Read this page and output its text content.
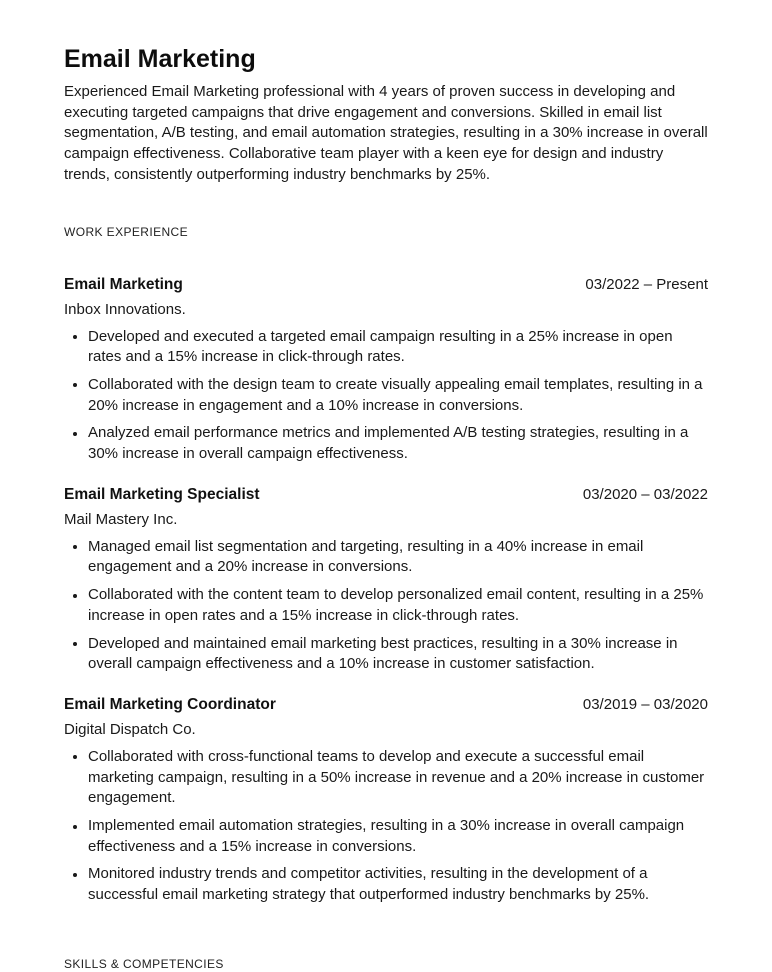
Email Marketing

Experienced Email Marketing professional with 4 years of proven success in developing and executing targeted campaigns that drive engagement and conversions. Skilled in email list segmentation, A/B testing, and email automation strategies, resulting in a 30% increase in overall campaign effectiveness. Collaborative team player with a keen eye for design and industry trends, consistently outperforming industry benchmarks by 25%.

WORK EXPERIENCE
Email Marketing	03/2022 – Present
Inbox Innovations.
Developed and executed a targeted email campaign resulting in a 25% increase in open rates and a 15% increase in click-through rates.
Collaborated with the design team to create visually appealing email templates, resulting in a 20% increase in engagement and a 10% increase in conversions.
Analyzed email performance metrics and implemented A/B testing strategies, resulting in a 30% increase in overall campaign effectiveness.
Email Marketing Specialist	03/2020 – 03/2022
Mail Mastery Inc.
Managed email list segmentation and targeting, resulting in a 40% increase in email engagement and a 20% increase in conversions.
Collaborated with the content team to develop personalized email content, resulting in a 25% increase in open rates and a 15% increase in click-through rates.
Developed and maintained email marketing best practices, resulting in a 30% increase in overall campaign effectiveness and a 10% increase in customer satisfaction.
Email Marketing Coordinator	03/2019 – 03/2020
Digital Dispatch Co.
Collaborated with cross-functional teams to develop and execute a successful email marketing campaign, resulting in a 50% increase in revenue and a 20% increase in customer engagement.
Implemented email automation strategies, resulting in a 30% increase in overall campaign effectiveness and a 15% increase in conversions.
Monitored industry trends and competitor activities, resulting in the development of a successful email marketing strategy that outperformed industry benchmarks by 25%.
SKILLS & COMPETENCIES
